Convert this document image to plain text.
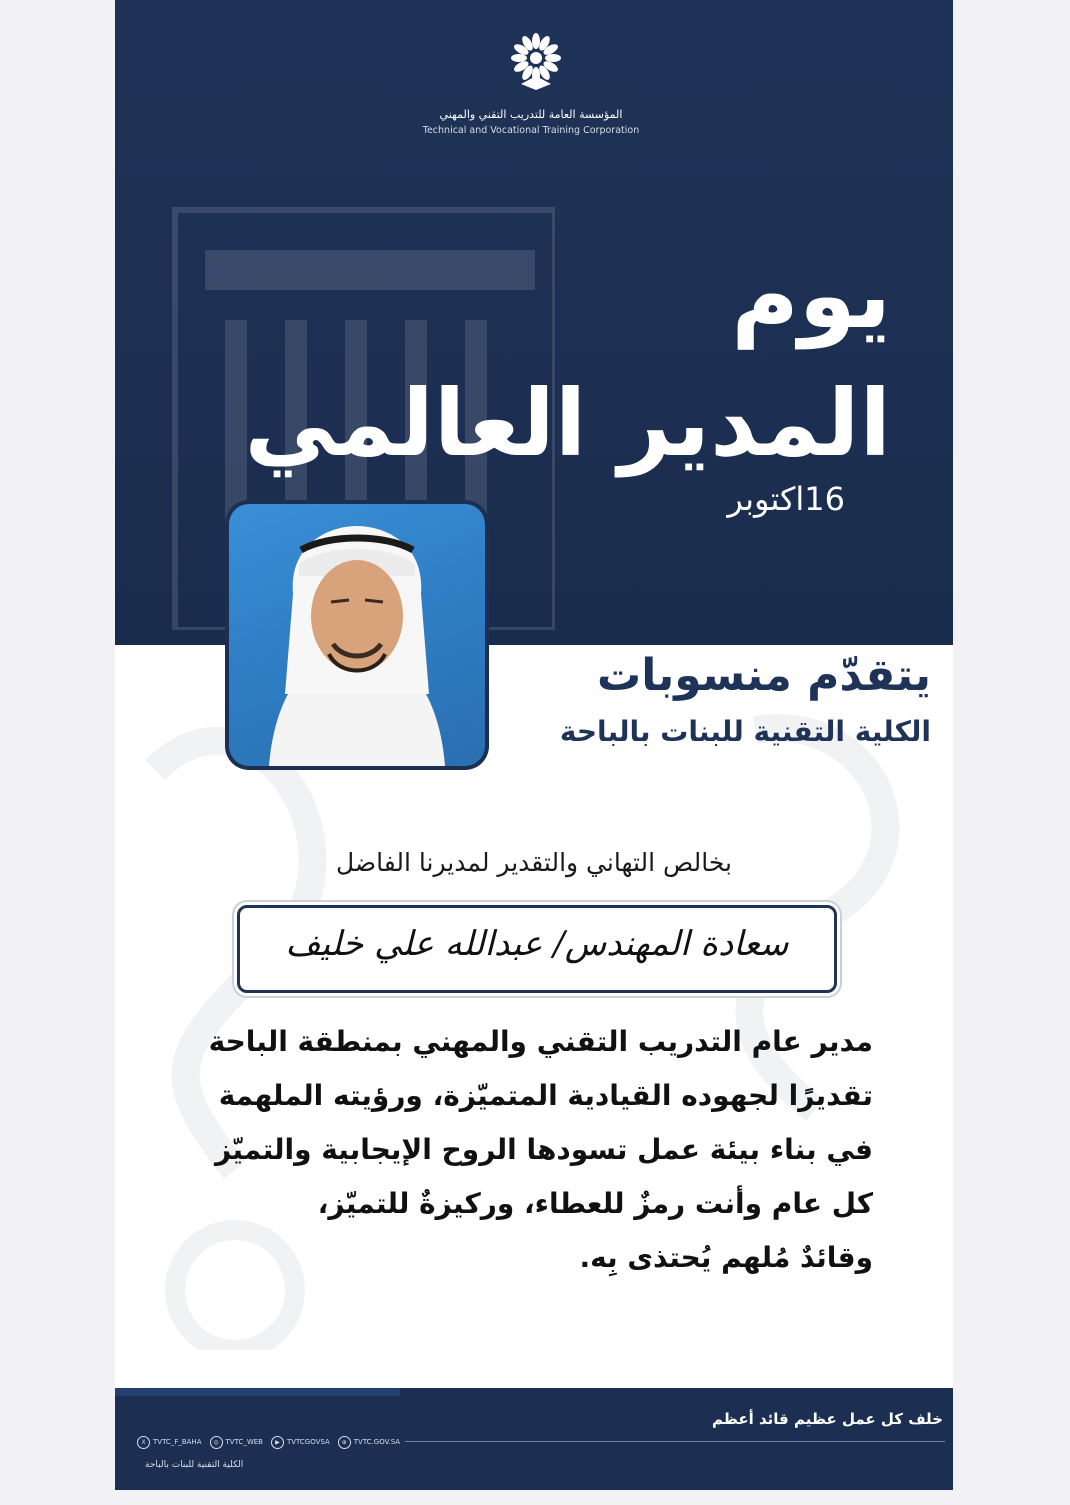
المؤسسة العامة للتدريب التقني والمهني
Technical and Vocational Training Corporation
يوم
المدير العالمي
16اكتوبر
يتقدّم منسوبات
الكلية التقنية للبنات بالباحة
بخالص التهاني والتقدير لمديرنا الفاضل
سعادة المهندس/ عبدالله علي خليف
مدير عام التدريب التقني والمهني بمنطقة الباحة
تقديرًا لجهوده القيادية المتميّزة، ورؤيته الملهمة
في بناء بيئة عمل تسودها الروح الإيجابية والتميّز
كل عام وأنت رمزٌ للعطاء، وركيزةٌ للتميّز،
وقائدٌ مُلهم يُحتذى بِه.
خلف كل عمل عظيم قائد أعظم
X	TVTC_F_BAHA	◎ TVTC_WEB	▶	TVTCGOVSA	⊕ TVTC.GOV.SA
الكلية التقنية للبنات بالباحة
